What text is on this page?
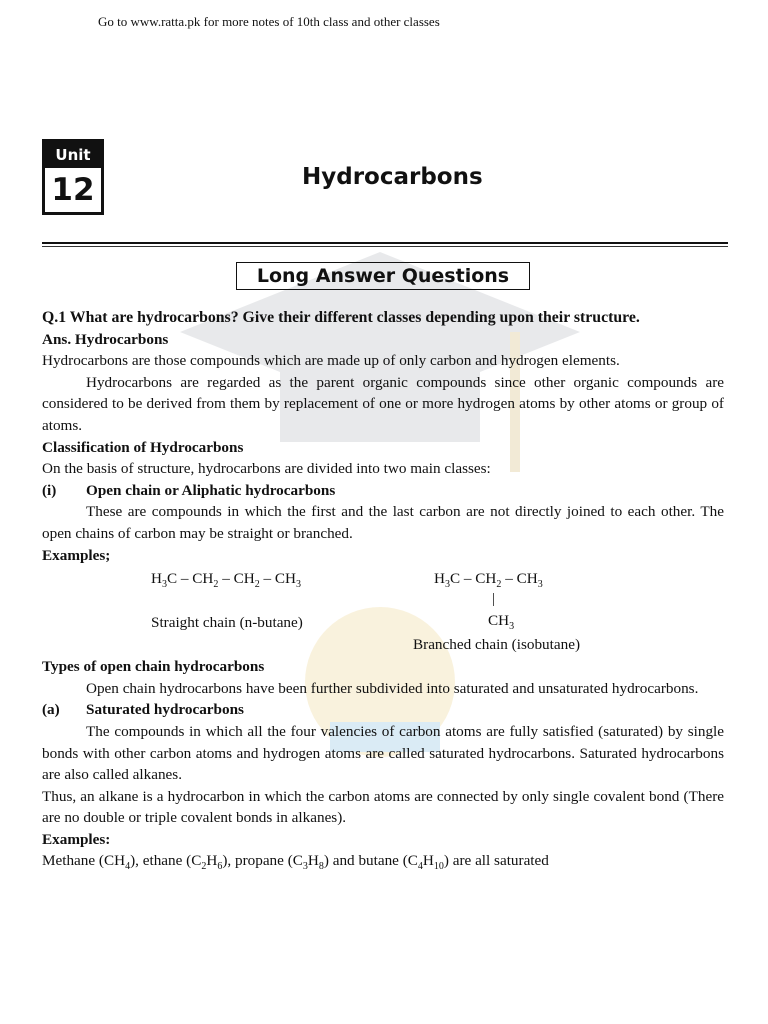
Go to www.ratta.pk for more notes of 10th class and other classes
Unit
12	Hydrocarbons
Long Answer Questions

Q.1 What are hydrocarbons? Give their different classes depending upon their structure.

Ans. Hydrocarbons

Hydrocarbons are those compounds which are made up of only carbon and hydrogen elements.

Hydrocarbons are regarded as the parent organic compounds since other organic compounds are considered to be derived from them by replacement of one or more hydrogen atoms by other atoms or group of atoms.

Classification of Hydrocarbons

On the basis of structure, hydrocarbons are divided into two main classes:

(i) Open chain or Aliphatic hydrocarbons

These are compounds in which the first and the last carbon are not directly joined to each other. The open chains of carbon may be straight or branched.

Examples;

$H_3C - CH_2 - CH_2 - CH_3$	$H_3C - CH_2 - CH_3$
|
$CH_3$
Straight chain (n-butane)
Branched chain (isobutane)

Types of open chain hydrocarbons

Open chain hydrocarbons have been further subdivided into saturated and unsaturated hydrocarbons.

(a) Saturated hydrocarbons

The compounds in which all the four valencies of carbon atoms are fully satisfied (saturated) by single bonds with other carbon atoms and hydrogen atoms are called saturated hydrocarbons. Saturated hydrocarbons are also called alkanes.

Thus, an alkane is a hydrocarbon in which the carbon atoms are connected by only single covalent bond (There are no double or triple covalent bonds in alkanes).

Examples:

Methane $(CH_4)$, ethane $(C_2H_6)$, propane $(C_3H_8)$ and butane $(C_4H_{10})$ are all saturated
